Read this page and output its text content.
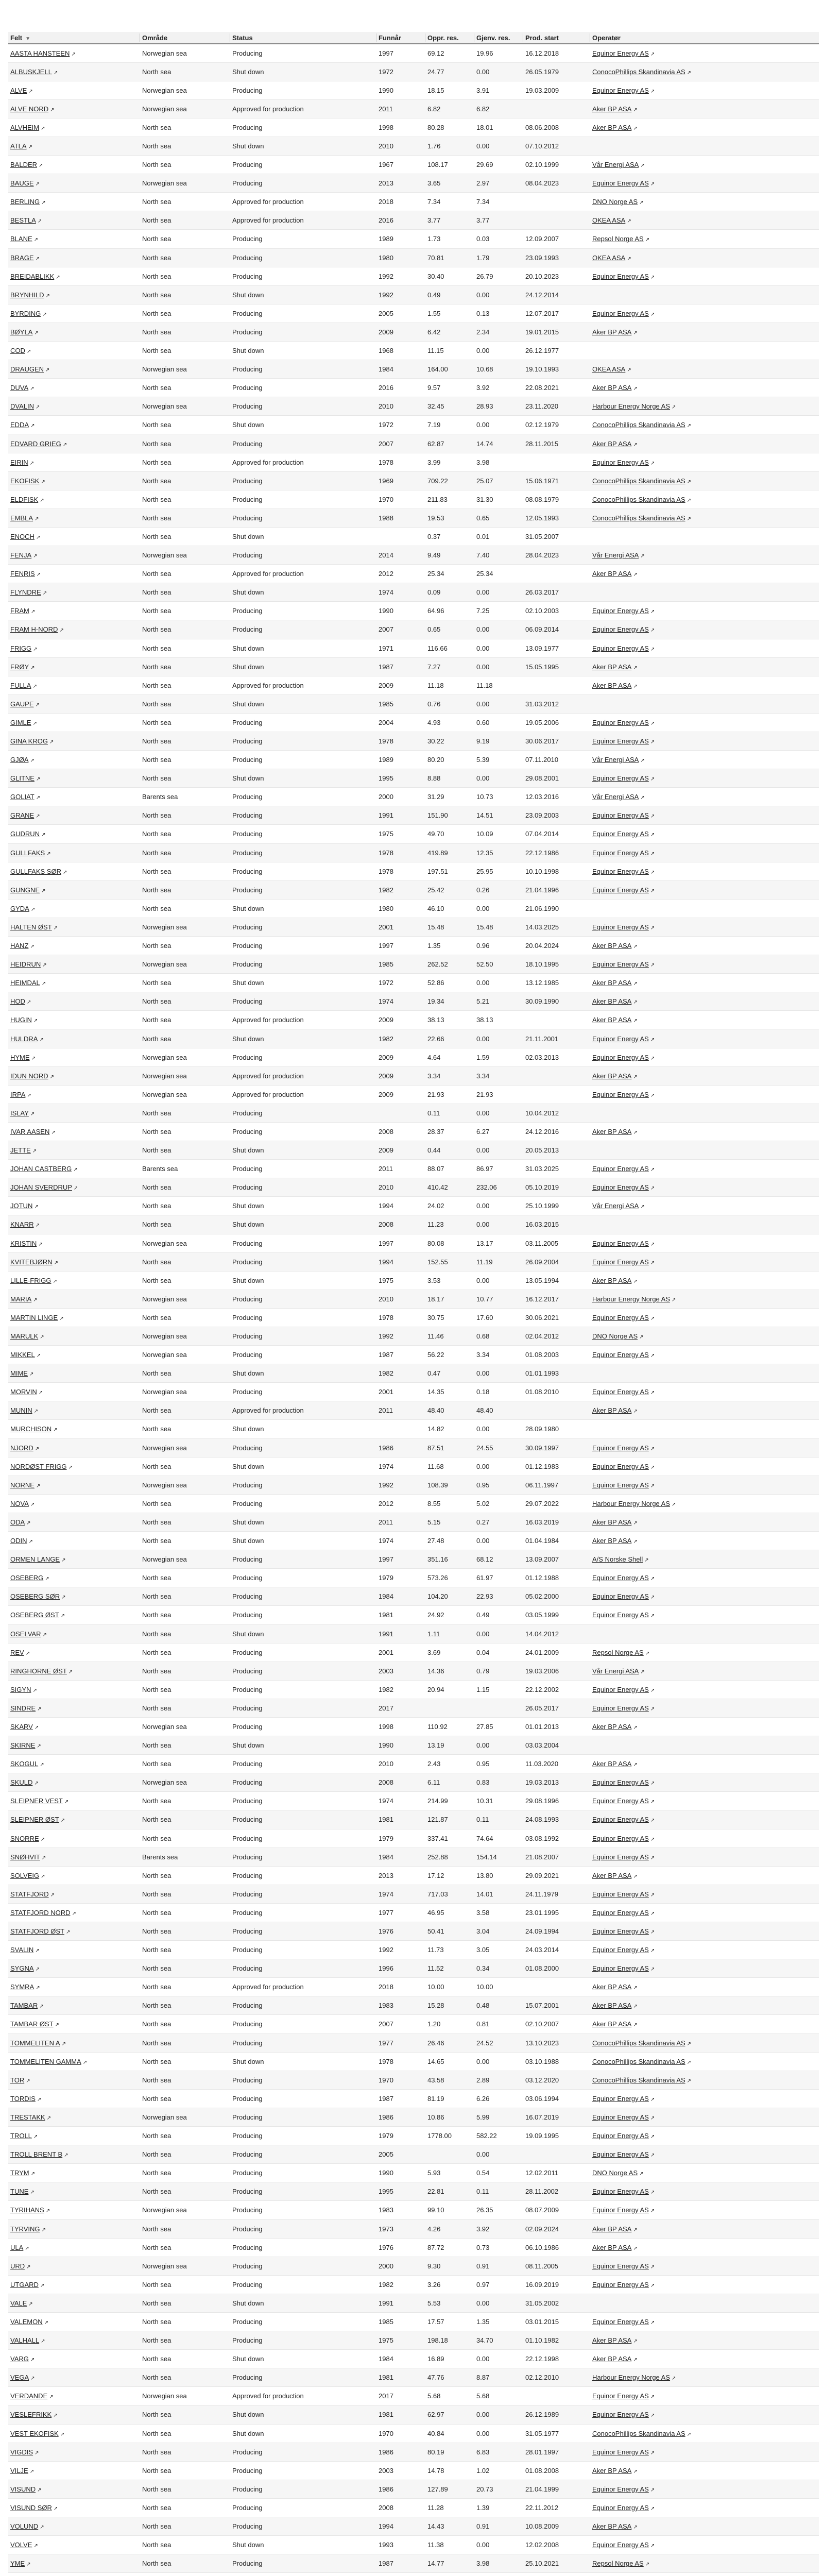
Felt ▼	Område	Status	Funnår	Oppr. res.	Gjenv. res.	Prod. start	Operatør
AASTA HANSTEEN ↗	Norwegian sea	Producing	1997	69.12	19.96	16.12.2018	Equinor Energy AS ↗
ALBUSKJELL ↗	North sea	Shut down	1972	24.77	0.00	26.05.1979	ConocoPhillips Skandinavia AS ↗
ALVE ↗	Norwegian sea	Producing	1990	18.15	3.91	19.03.2009	Equinor Energy AS ↗
ALVE NORD ↗	Norwegian sea	Approved for production	2011	6.82	6.82		Aker BP ASA ↗
ALVHEIM ↗	North sea	Producing	1998	80.28	18.01	08.06.2008	Aker BP ASA ↗
ATLA ↗	North sea	Shut down	2010	1.76	0.00	07.10.2012	
BALDER ↗	North sea	Producing	1967	108.17	29.69	02.10.1999	Vår Energi ASA ↗
BAUGE ↗	Norwegian sea	Producing	2013	3.65	2.97	08.04.2023	Equinor Energy AS ↗
BERLING ↗	North sea	Approved for production	2018	7.34	7.34		DNO Norge AS ↗
BESTLA ↗	North sea	Approved for production	2016	3.77	3.77		OKEA ASA ↗
BLANE ↗	North sea	Producing	1989	1.73	0.03	12.09.2007	Repsol Norge AS ↗
BRAGE ↗	North sea	Producing	1980	70.81	1.79	23.09.1993	OKEA ASA ↗
BREIDABLIKK ↗	North sea	Producing	1992	30.40	26.79	20.10.2023	Equinor Energy AS ↗
BRYNHILD ↗	North sea	Shut down	1992	0.49	0.00	24.12.2014	
BYRDING ↗	North sea	Producing	2005	1.55	0.13	12.07.2017	Equinor Energy AS ↗
BØYLA ↗	North sea	Producing	2009	6.42	2.34	19.01.2015	Aker BP ASA ↗
COD ↗	North sea	Shut down	1968	11.15	0.00	26.12.1977	
DRAUGEN ↗	Norwegian sea	Producing	1984	164.00	10.68	19.10.1993	OKEA ASA ↗
DUVA ↗	North sea	Producing	2016	9.57	3.92	22.08.2021	Aker BP ASA ↗
DVALIN ↗	Norwegian sea	Producing	2010	32.45	28.93	23.11.2020	Harbour Energy Norge AS ↗
EDDA ↗	North sea	Shut down	1972	7.19	0.00	02.12.1979	ConocoPhillips Skandinavia AS ↗
EDVARD GRIEG ↗	North sea	Producing	2007	62.87	14.74	28.11.2015	Aker BP ASA ↗
EIRIN ↗	North sea	Approved for production	1978	3.99	3.98		Equinor Energy AS ↗
EKOFISK ↗	North sea	Producing	1969	709.22	25.07	15.06.1971	ConocoPhillips Skandinavia AS ↗
ELDFISK ↗	North sea	Producing	1970	211.83	31.30	08.08.1979	ConocoPhillips Skandinavia AS ↗
EMBLA ↗	North sea	Producing	1988	19.53	0.65	12.05.1993	ConocoPhillips Skandinavia AS ↗
ENOCH ↗	North sea	Shut down		0.37	0.01	31.05.2007	
FENJA ↗	Norwegian sea	Producing	2014	9.49	7.40	28.04.2023	Vår Energi ASA ↗
FENRIS ↗	North sea	Approved for production	2012	25.34	25.34		Aker BP ASA ↗
FLYNDRE ↗	North sea	Shut down	1974	0.09	0.00	26.03.2017	
FRAM ↗	North sea	Producing	1990	64.96	7.25	02.10.2003	Equinor Energy AS ↗
FRAM H-NORD ↗	North sea	Producing	2007	0.65	0.00	06.09.2014	Equinor Energy AS ↗
FRIGG ↗	North sea	Shut down	1971	116.66	0.00	13.09.1977	Equinor Energy AS ↗
FRØY ↗	North sea	Shut down	1987	7.27	0.00	15.05.1995	Aker BP ASA ↗
FULLA ↗	North sea	Approved for production	2009	11.18	11.18		Aker BP ASA ↗
GAUPE ↗	North sea	Shut down	1985	0.76	0.00	31.03.2012	
GIMLE ↗	North sea	Producing	2004	4.93	0.60	19.05.2006	Equinor Energy AS ↗
GINA KROG ↗	North sea	Producing	1978	30.22	9.19	30.06.2017	Equinor Energy AS ↗
GJØA ↗	North sea	Producing	1989	80.20	5.39	07.11.2010	Vår Energi ASA ↗
GLITNE ↗	North sea	Shut down	1995	8.88	0.00	29.08.2001	Equinor Energy AS ↗
GOLIAT ↗	Barents sea	Producing	2000	31.29	10.73	12.03.2016	Vår Energi ASA ↗
GRANE ↗	North sea	Producing	1991	151.90	14.51	23.09.2003	Equinor Energy AS ↗
GUDRUN ↗	North sea	Producing	1975	49.70	10.09	07.04.2014	Equinor Energy AS ↗
GULLFAKS ↗	North sea	Producing	1978	419.89	12.35	22.12.1986	Equinor Energy AS ↗
GULLFAKS SØR ↗	North sea	Producing	1978	197.51	25.95	10.10.1998	Equinor Energy AS ↗
GUNGNE ↗	North sea	Producing	1982	25.42	0.26	21.04.1996	Equinor Energy AS ↗
GYDA ↗	North sea	Shut down	1980	46.10	0.00	21.06.1990	
HALTEN ØST ↗	Norwegian sea	Producing	2001	15.48	15.48	14.03.2025	Equinor Energy AS ↗
HANZ ↗	North sea	Producing	1997	1.35	0.96	20.04.2024	Aker BP ASA ↗
HEIDRUN ↗	Norwegian sea	Producing	1985	262.52	52.50	18.10.1995	Equinor Energy AS ↗
HEIMDAL ↗	North sea	Shut down	1972	52.86	0.00	13.12.1985	Aker BP ASA ↗
HOD ↗	North sea	Producing	1974	19.34	5.21	30.09.1990	Aker BP ASA ↗
HUGIN ↗	North sea	Approved for production	2009	38.13	38.13		Aker BP ASA ↗
HULDRA ↗	North sea	Shut down	1982	22.66	0.00	21.11.2001	Equinor Energy AS ↗
HYME ↗	Norwegian sea	Producing	2009	4.64	1.59	02.03.2013	Equinor Energy AS ↗
IDUN NORD ↗	Norwegian sea	Approved for production	2009	3.34	3.34		Aker BP ASA ↗
IRPA ↗	Norwegian sea	Approved for production	2009	21.93	21.93		Equinor Energy AS ↗
ISLAY ↗	North sea	Producing		0.11	0.00	10.04.2012	
IVAR AASEN ↗	North sea	Producing	2008	28.37	6.27	24.12.2016	Aker BP ASA ↗
JETTE ↗	North sea	Shut down	2009	0.44	0.00	20.05.2013	
JOHAN CASTBERG ↗	Barents sea	Producing	2011	88.07	86.97	31.03.2025	Equinor Energy AS ↗
JOHAN SVERDRUP ↗	North sea	Producing	2010	410.42	232.06	05.10.2019	Equinor Energy AS ↗
JOTUN ↗	North sea	Shut down	1994	24.02	0.00	25.10.1999	Vår Energi ASA ↗
KNARR ↗	North sea	Shut down	2008	11.23	0.00	16.03.2015	
KRISTIN ↗	Norwegian sea	Producing	1997	80.08	13.17	03.11.2005	Equinor Energy AS ↗
KVITEBJØRN ↗	North sea	Producing	1994	152.55	11.19	26.09.2004	Equinor Energy AS ↗
LILLE-FRIGG ↗	North sea	Shut down	1975	3.53	0.00	13.05.1994	Aker BP ASA ↗
MARIA ↗	Norwegian sea	Producing	2010	18.17	10.77	16.12.2017	Harbour Energy Norge AS ↗
MARTIN LINGE ↗	North sea	Producing	1978	30.75	17.60	30.06.2021	Equinor Energy AS ↗
MARULK ↗	Norwegian sea	Producing	1992	11.46	0.68	02.04.2012	DNO Norge AS ↗
MIKKEL ↗	Norwegian sea	Producing	1987	56.22	3.34	01.08.2003	Equinor Energy AS ↗
MIME ↗	North sea	Shut down	1982	0.47	0.00	01.01.1993	
MORVIN ↗	Norwegian sea	Producing	2001	14.35	0.18	01.08.2010	Equinor Energy AS ↗
MUNIN ↗	North sea	Approved for production	2011	48.40	48.40		Aker BP ASA ↗
MURCHISON ↗	North sea	Shut down		14.82	0.00	28.09.1980	
NJORD ↗	Norwegian sea	Producing	1986	87.51	24.55	30.09.1997	Equinor Energy AS ↗
NORDØST FRIGG ↗	North sea	Shut down	1974	11.68	0.00	01.12.1983	Equinor Energy AS ↗
NORNE ↗	Norwegian sea	Producing	1992	108.39	0.95	06.11.1997	Equinor Energy AS ↗
NOVA ↗	North sea	Producing	2012	8.55	5.02	29.07.2022	Harbour Energy Norge AS ↗
ODA ↗	North sea	Shut down	2011	5.15	0.27	16.03.2019	Aker BP ASA ↗
ODIN ↗	North sea	Shut down	1974	27.48	0.00	01.04.1984	Aker BP ASA ↗
ORMEN LANGE ↗	Norwegian sea	Producing	1997	351.16	68.12	13.09.2007	A/S Norske Shell ↗
OSEBERG ↗	North sea	Producing	1979	573.26	61.97	01.12.1988	Equinor Energy AS ↗
OSEBERG SØR ↗	North sea	Producing	1984	104.20	22.93	05.02.2000	Equinor Energy AS ↗
OSEBERG ØST ↗	North sea	Producing	1981	24.92	0.49	03.05.1999	Equinor Energy AS ↗
OSELVAR ↗	North sea	Shut down	1991	1.11	0.00	14.04.2012	
REV ↗	North sea	Producing	2001	3.69	0.04	24.01.2009	Repsol Norge AS ↗
RINGHORNE ØST ↗	North sea	Producing	2003	14.36	0.79	19.03.2006	Vår Energi ASA ↗
SIGYN ↗	North sea	Producing	1982	20.94	1.15	22.12.2002	Equinor Energy AS ↗
SINDRE ↗	North sea	Producing	2017			26.05.2017	Equinor Energy AS ↗
SKARV ↗	Norwegian sea	Producing	1998	110.92	27.85	01.01.2013	Aker BP ASA ↗
SKIRNE ↗	North sea	Shut down	1990	13.19	0.00	03.03.2004	
SKOGUL ↗	North sea	Producing	2010	2.43	0.95	11.03.2020	Aker BP ASA ↗
SKULD ↗	Norwegian sea	Producing	2008	6.11	0.83	19.03.2013	Equinor Energy AS ↗
SLEIPNER VEST ↗	North sea	Producing	1974	214.99	10.31	29.08.1996	Equinor Energy AS ↗
SLEIPNER ØST ↗	North sea	Producing	1981	121.87	0.11	24.08.1993	Equinor Energy AS ↗
SNORRE ↗	North sea	Producing	1979	337.41	74.64	03.08.1992	Equinor Energy AS ↗
SNØHVIT ↗	Barents sea	Producing	1984	252.88	154.14	21.08.2007	Equinor Energy AS ↗
SOLVEIG ↗	North sea	Producing	2013	17.12	13.80	29.09.2021	Aker BP ASA ↗
STATFJORD ↗	North sea	Producing	1974	717.03	14.01	24.11.1979	Equinor Energy AS ↗
STATFJORD NORD ↗	North sea	Producing	1977	46.95	3.58	23.01.1995	Equinor Energy AS ↗
STATFJORD ØST ↗	North sea	Producing	1976	50.41	3.04	24.09.1994	Equinor Energy AS ↗
SVALIN ↗	North sea	Producing	1992	11.73	3.05	24.03.2014	Equinor Energy AS ↗
SYGNA ↗	North sea	Producing	1996	11.52	0.34	01.08.2000	Equinor Energy AS ↗
SYMRA ↗	North sea	Approved for production	2018	10.00	10.00		Aker BP ASA ↗
TAMBAR ↗	North sea	Producing	1983	15.28	0.48	15.07.2001	Aker BP ASA ↗
TAMBAR ØST ↗	North sea	Producing	2007	1.20	0.81	02.10.2007	Aker BP ASA ↗
TOMMELITEN A ↗	North sea	Producing	1977	26.46	24.52	13.10.2023	ConocoPhillips Skandinavia AS ↗
TOMMELITEN GAMMA ↗	North sea	Shut down	1978	14.65	0.00	03.10.1988	ConocoPhillips Skandinavia AS ↗
TOR ↗	North sea	Producing	1970	43.58	2.89	03.12.2020	ConocoPhillips Skandinavia AS ↗
TORDIS ↗	North sea	Producing	1987	81.19	6.26	03.06.1994	Equinor Energy AS ↗
TRESTAKK ↗	Norwegian sea	Producing	1986	10.86	5.99	16.07.2019	Equinor Energy AS ↗
TROLL ↗	North sea	Producing	1979	1778.00	582.22	19.09.1995	Equinor Energy AS ↗
TROLL BRENT B ↗	North sea	Producing	2005		0.00		Equinor Energy AS ↗
TRYM ↗	North sea	Producing	1990	5.93	0.54	12.02.2011	DNO Norge AS ↗
TUNE ↗	North sea	Producing	1995	22.81	0.11	28.11.2002	Equinor Energy AS ↗
TYRIHANS ↗	Norwegian sea	Producing	1983	99.10	26.35	08.07.2009	Equinor Energy AS ↗
TYRVING ↗	North sea	Producing	1973	4.26	3.92	02.09.2024	Aker BP ASA ↗
ULA ↗	North sea	Producing	1976	87.72	0.73	06.10.1986	Aker BP ASA ↗
URD ↗	Norwegian sea	Producing	2000	9.30	0.91	08.11.2005	Equinor Energy AS ↗
UTGARD ↗	North sea	Producing	1982	3.26	0.97	16.09.2019	Equinor Energy AS ↗
VALE ↗	North sea	Shut down	1991	5.53	0.00	31.05.2002	
VALEMON ↗	North sea	Producing	1985	17.57	1.35	03.01.2015	Equinor Energy AS ↗
VALHALL ↗	North sea	Producing	1975	198.18	34.70	01.10.1982	Aker BP ASA ↗
VARG ↗	North sea	Shut down	1984	16.89	0.00	22.12.1998	Aker BP ASA ↗
VEGA ↗	North sea	Producing	1981	47.76	8.87	02.12.2010	Harbour Energy Norge AS ↗
VERDANDE ↗	Norwegian sea	Approved for production	2017	5.68	5.68		Equinor Energy AS ↗
VESLEFRIKK ↗	North sea	Shut down	1981	62.97	0.00	26.12.1989	Equinor Energy AS ↗
VEST EKOFISK ↗	North sea	Shut down	1970	40.84	0.00	31.05.1977	ConocoPhillips Skandinavia AS ↗
VIGDIS ↗	North sea	Producing	1986	80.19	6.83	28.01.1997	Equinor Energy AS ↗
VILJE ↗	North sea	Producing	2003	14.78	1.02	01.08.2008	Aker BP ASA ↗
VISUND ↗	North sea	Producing	1986	127.89	20.73	21.04.1999	Equinor Energy AS ↗
VISUND SØR ↗	North sea	Producing	2008	11.28	1.39	22.11.2012	Equinor Energy AS ↗
VOLUND ↗	North sea	Producing	1994	14.43	0.91	10.08.2009	Aker BP ASA ↗
VOLVE ↗	North sea	Shut down	1993	11.38	0.00	12.02.2008	Equinor Energy AS ↗
YME ↗	North sea	Producing	1987	14.77	3.98	25.10.2021	Repsol Norge AS ↗
